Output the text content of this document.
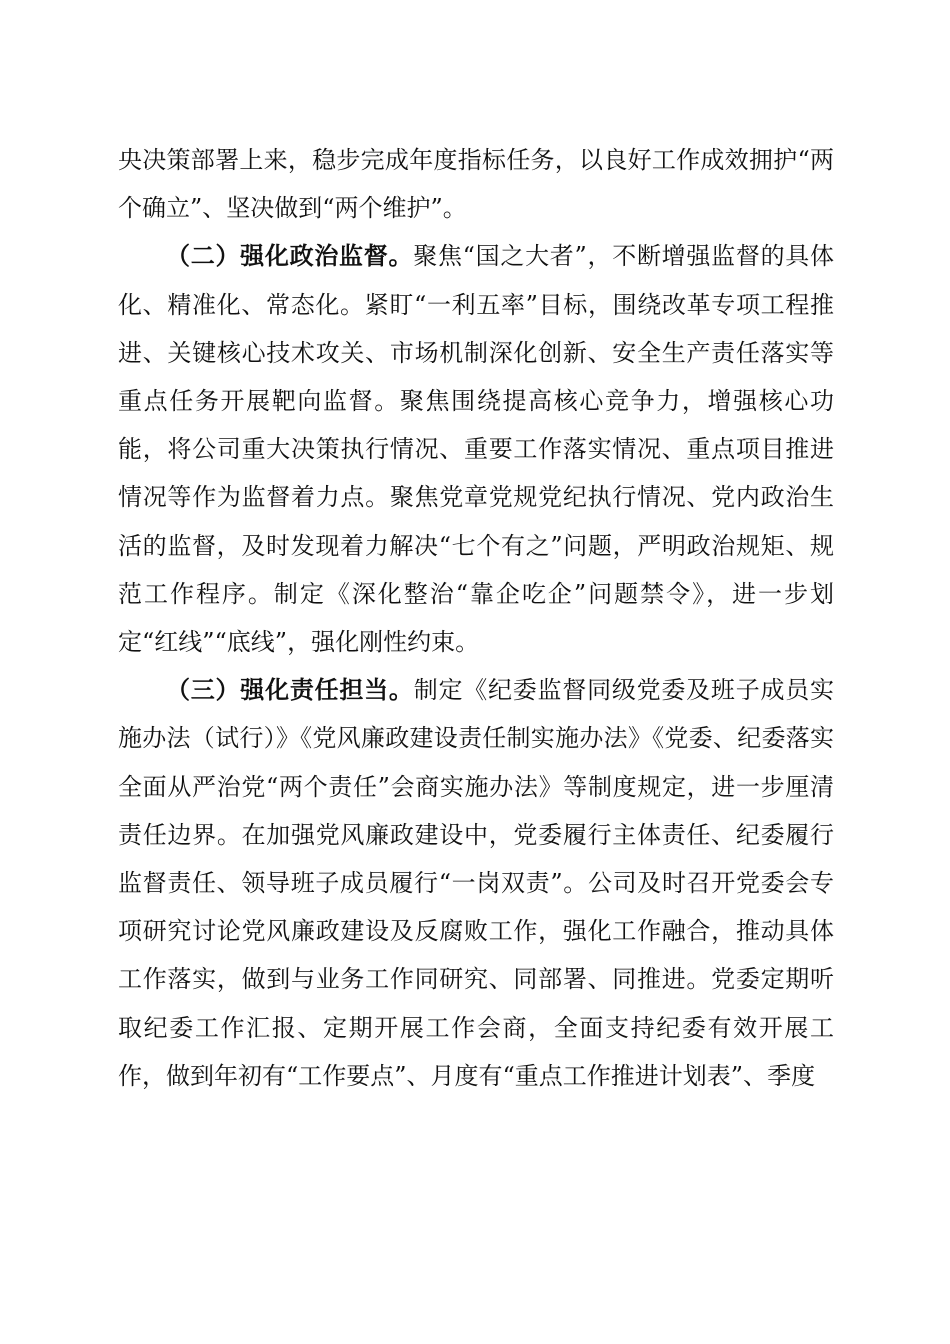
央决策部署上来，稳步完成年度指标任务，以良好工作成效拥护“两个确立”、坚决做到“两个维护”。

（二）强化政治监督。聚焦“国之大者”，不断增强监督的具体化、精准化、常态化。紧盯“一利五率”目标，围绕改革专项工程推进、关键核心技术攻关、市场机制深化创新、安全生产责任落实等重点任务开展靶向监督。聚焦围绕提高核心竞争力，增强核心功能，将公司重大决策执行情况、重要工作落实情况、重点项目推进情况等作为监督着力点。聚焦党章党规党纪执行情况、党内政治生活的监督，及时发现着力解决“七个有之”问题，严明政治规矩、规范工作程序。制定《深化整治“靠企吃企”问题禁令》，进一步划定“红线”“底线”，强化刚性约束。

（三）强化责任担当。制定《纪委监督同级党委及班子成员实施办法（试行）》《党风廉政建设责任制实施办法》《党委、纪委落实全面从严治党“两个责任”会商实施办法》等制度规定，进一步厘清责任边界。在加强党风廉政建设中，党委履行主体责任、纪委履行监督责任、领导班子成员履行“一岗双责”。公司及时召开党委会专项研究讨论党风廉政建设及反腐败工作，强化工作融合，推动具体工作落实，做到与业务工作同研究、同部署、同推进。党委定期听取纪委工作汇报、定期开展工作会商，全面支持纪委有效开展工作，做到年初有“工作要点”、月度有“重点工作推进计划表”、季度
